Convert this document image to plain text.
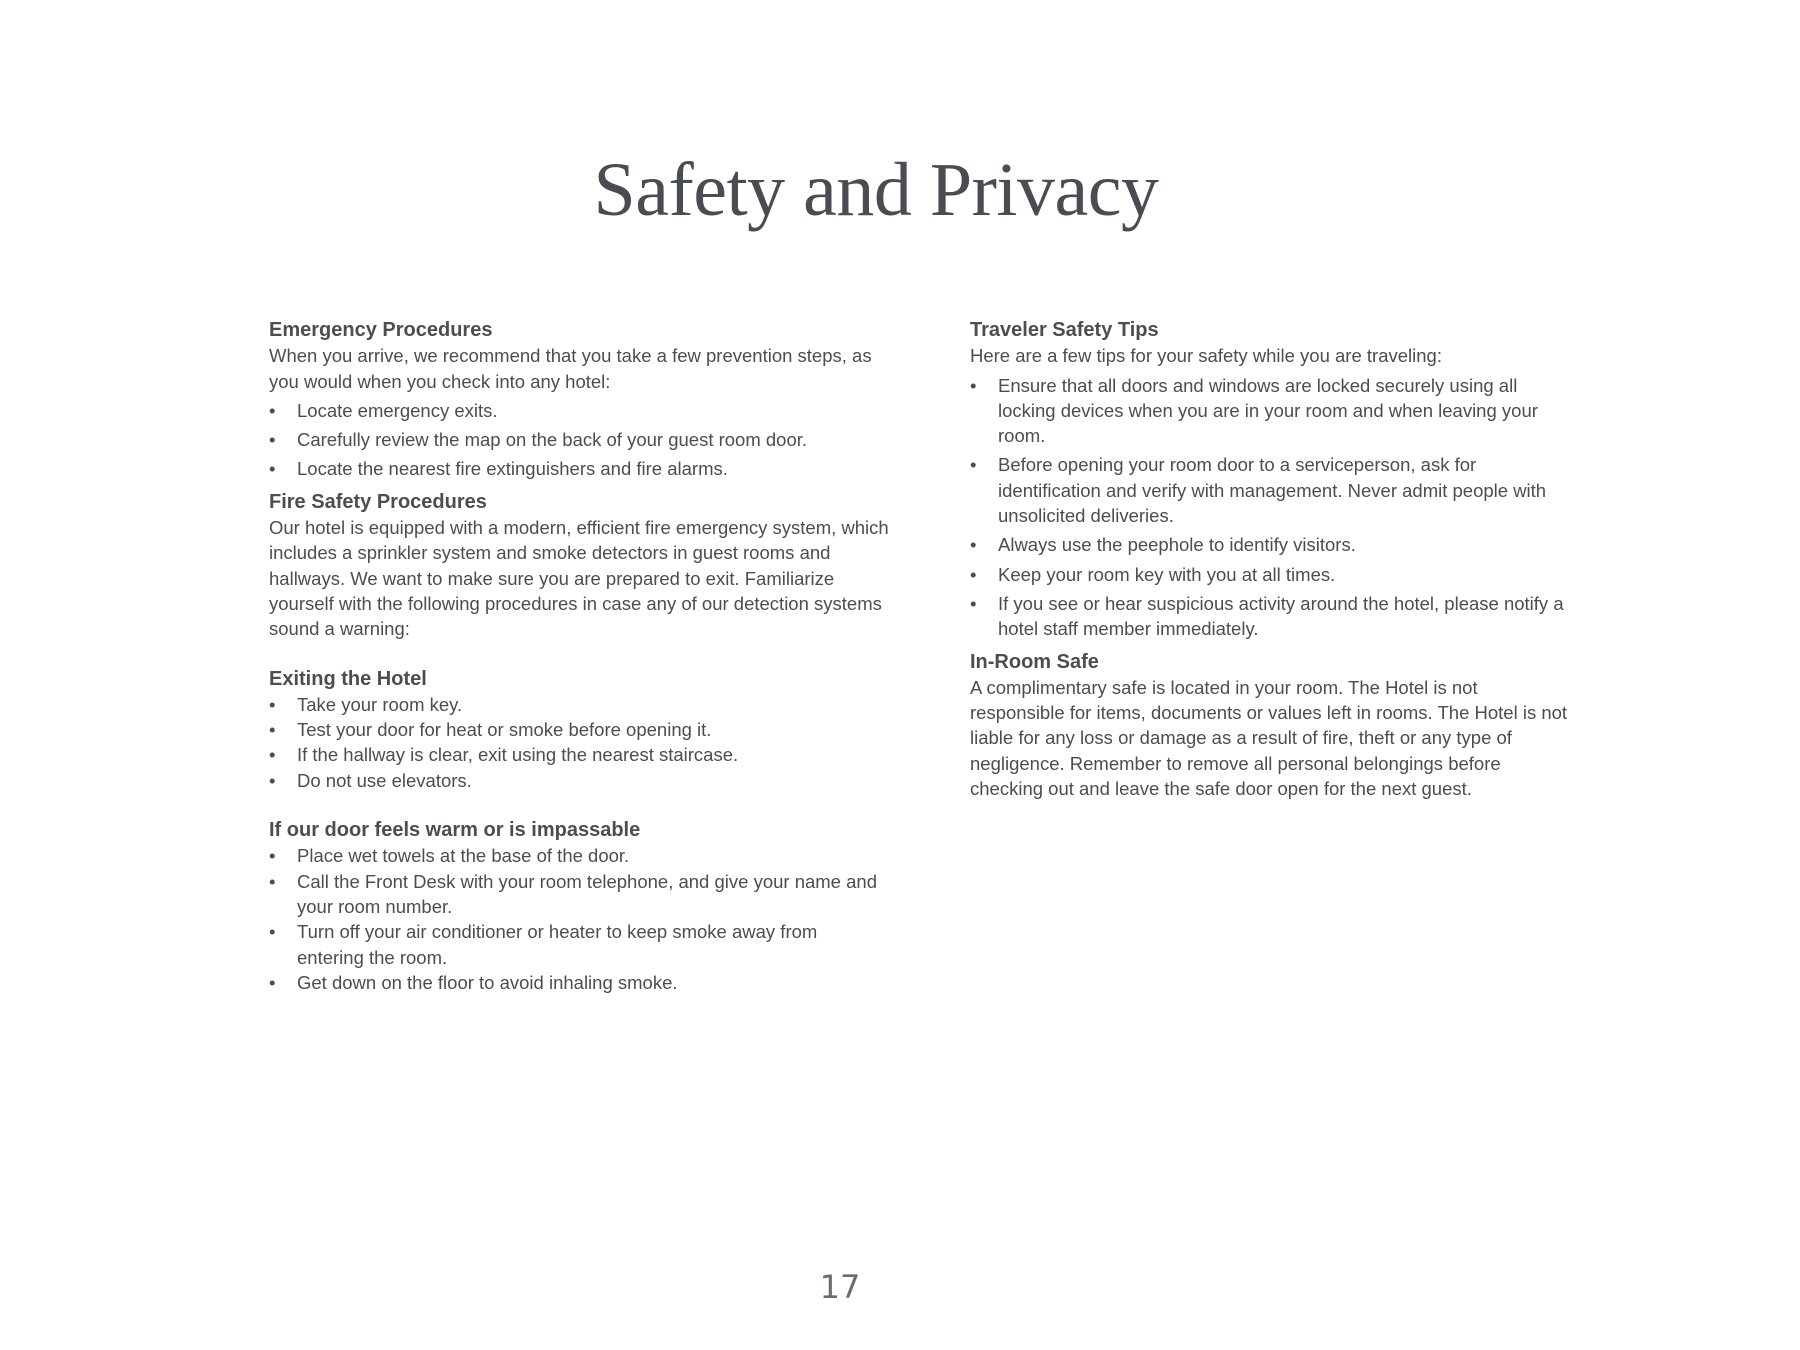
Safety and Privacy
Emergency Procedures

When you arrive, we recommend that you take a few prevention steps, as you would when you check into any hotel:

• Locate emergency exits.
• Carefully review the map on the back of your guest room door.
• Locate the nearest fire extinguishers and fire alarms.
Fire Safety Procedures

Our hotel is equipped with a modern, efficient fire emergency system, which includes a sprinkler system and smoke detectors in guest rooms and hallways. We want to make sure you are prepared to exit. Familiarize yourself with the following procedures in case any of our detection systems sound a warning:

Exiting the Hotel
• Take your room key.
• Test your door for heat or smoke before opening it.
• If the hallway is clear, exit using the nearest staircase.
• Do not use elevators.
If our door feels warm or is impassable
• Place wet towels at the base of the door.
• Call the Front Desk with your room telephone, and give your name and your room number.
• Turn off your air conditioner or heater to keep smoke away from entering the room.
• Get down on the floor to avoid inhaling smoke.
Traveler Safety Tips

Here are a few tips for your safety while you are traveling:

• Ensure that all doors and windows are locked securely using all locking devices when you are in your room and when leaving your room.
• Before opening your room door to a serviceperson, ask for identification and verify with management. Never admit people with unsolicited deliveries.
• Always use the peephole to identify visitors.
• Keep your room key with you at all times.
• If you see or hear suspicious activity around the hotel, please notify a hotel staff member immediately.
In-Room Safe

A complimentary safe is located in your room. The Hotel is not responsible for items, documents or values left in rooms. The Hotel is not liable for any loss or damage as a result of fire, theft or any type of negligence. Remember to remove all personal belongings before checking out and leave the safe door open for the next guest.

17
